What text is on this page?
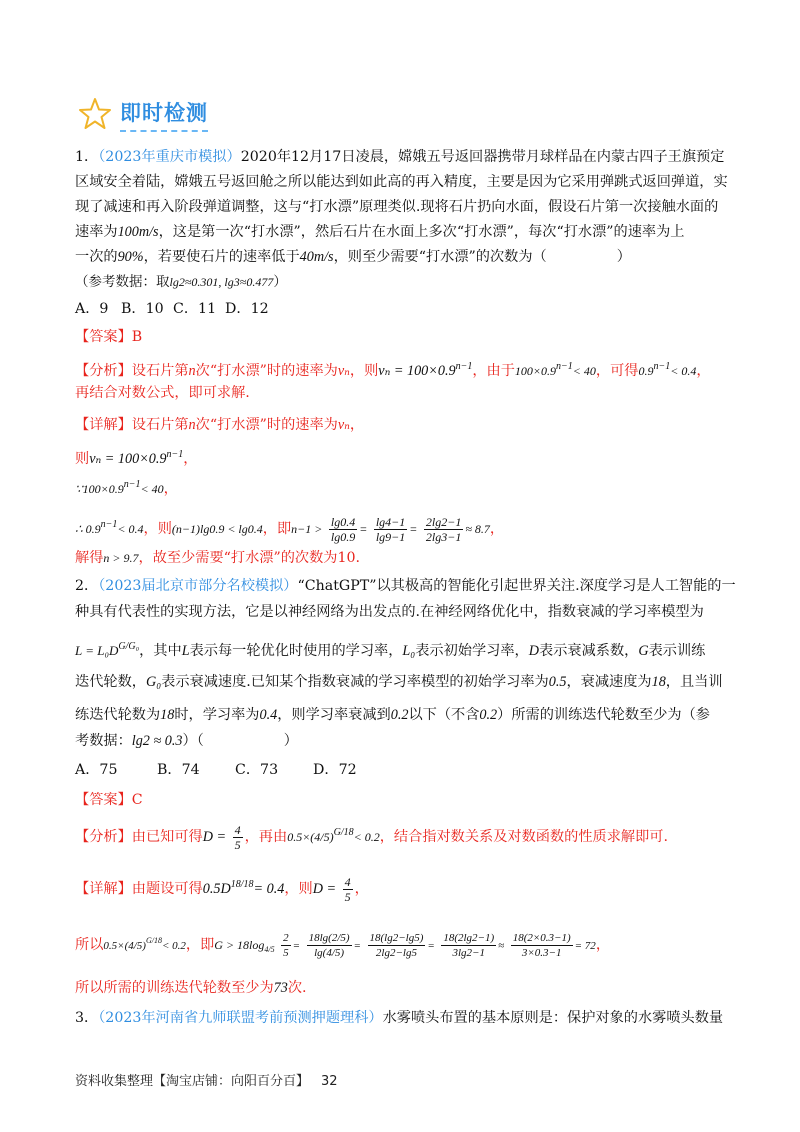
即时检测
1．（2023年重庆市模拟）2020年12月17日凌晨，嫦娥五号返回器携带月球样品在内蒙古四子王旗预定
区域安全着陆，嫦娥五号返回舱之所以能达到如此高的再入精度，主要是因为它采用弹跳式返回弹道，实
现了减速和再入阶段弹道调整，这与“打水漂”原理类似.现将石片扔向水面，假设石片第一次接触水面的
速率为100m/s，这是第一次“打水漂”，然后石片在水面上多次“打水漂”，每次“打水漂”的速率为上
一次的90%，若要使石片的速率低于40m/s，则至少需要“打水漂”的次数为（	）
（参考数据：取lg2≈0.301, lg3≈0.477）
A．9 B．10 C．11 D．12
【答案】B
【分析】设石片第n次“打水漂”时的速率为vₙ，则$v_n = 100\times 0.9^{n-1}$，由于$100\times 0.9^{n-1}< 40$，可得$0.9^{n-1}< 0.4$，
再结合对数公式，即可求解.
【详解】设石片第n次“打水漂”时的速率为vₙ，
则$v_n = 100\times 0.9^{n-1}$，
$\because 100\times 0.9^{n-1}< 40$，
∴ $0.9^{n-1}< 0.4$，则(n−1)lg0.9 < lg0.4，即$n-1 > \frac{\lg 0.4}{\lg 0.9} = \frac{\lg 4-1}{\lg 9-1} = \frac{2\lg 2-1}{2\lg 3-1} \approx 8.7$，
解得n > 9.7，故至少需要“打水漂”的次数为10.
2．（2023届北京市部分名校模拟）“ChatGPT”以其极高的智能化引起世界关注.深度学习是人工智能的一
种具有代表性的实现方法，它是以神经网络为出发点的.在神经网络优化中，指数衰减的学习率模型为
$L = L_0D^{G/G_0}$，其中L表示每一轮优化时使用的学习率，L₀表示初始学习率，D表示衰减系数，G表示训练
迭代轮数，G₀表示衰减速度.已知某个指数衰减的学习率模型的初始学习率为0.5，衰减速度为18，且当训
练迭代轮数为18时，学习率为0.4，则学习率衰减到0.2以下（不含0.2）所需的训练迭代轮数至少为（参
考数据：lg2 ≈ 0.3）（	）
A．75	B．74 C．73 D．72
【答案】C
【分析】由已知可得$D = \frac{4}{5}$ ，再由$0.5\times(4/5)^{G/18}< 0.2$，结合指对数关系及对数函数的性质求解即可.
【详解】由题设可得$0.5D^{18/18}= 0.4$，则$D = \frac{4}{5}$ ，
所以$0.5\times(4/5)^{G/18}< 0.2$，即$G > 18\log_{4/5} \frac{2}{5} = \frac{18\lg(2/5)}{\lg(4/5)} = \frac{18(\lg 2-\lg 5)}{2\lg 2-\lg 5} = \frac{18(2\lg 2-1)}{3\lg 2-1} \approx \frac{18(2\times 0.3-1)}{3\times 0.3-1} = 72$，
所以所需的训练迭代轮数至少为73次.
3．（2023年河南省九师联盟考前预测押题理科）水雾喷头布置的基本原则是：保护对象的水雾喷头数量
资料收集整理【淘宝店铺：向阳百分百】 32
